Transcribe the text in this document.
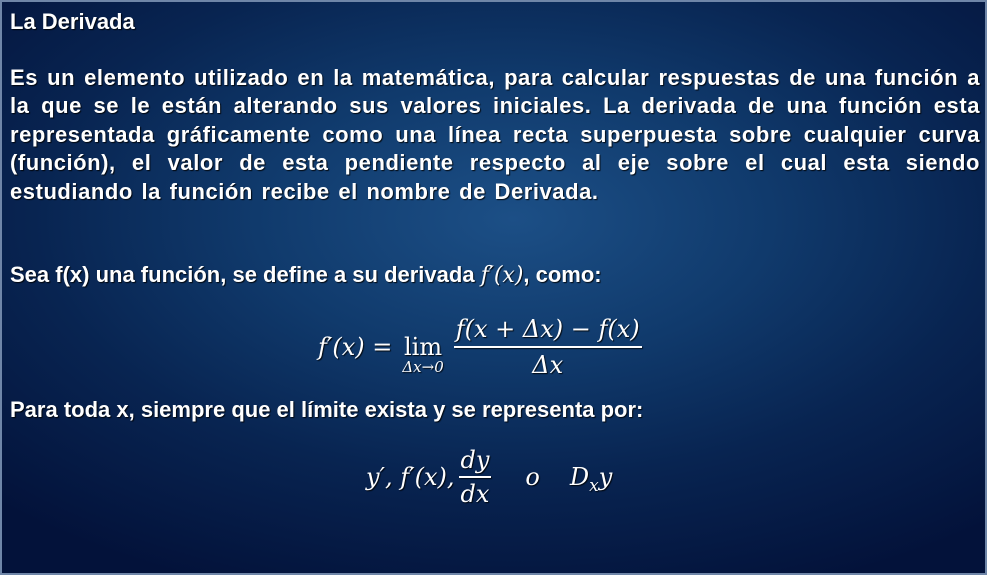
La Derivada

Es un elemento utilizado en la matemática, para calcular respuestas de una función a la que se le están alterando sus valores iniciales. La derivada de una función esta representada gráficamente como una línea recta superpuesta sobre cualquier curva (función), el valor de esta pendiente respecto al eje sobre el cual esta siendo estudiando la función recibe el nombre de Derivada.

Sea f(x) una función, se define a su derivada f′(x), como:

f′(x) = lim
$\Delta x\to 0 \frac{f(x + \Delta x) - f(x)}{\Delta x}$

Para toda x, siempre que el límite exista y se representa por:

y′, f′(x), $\frac{dy}{dx}$ o $D_xy$
